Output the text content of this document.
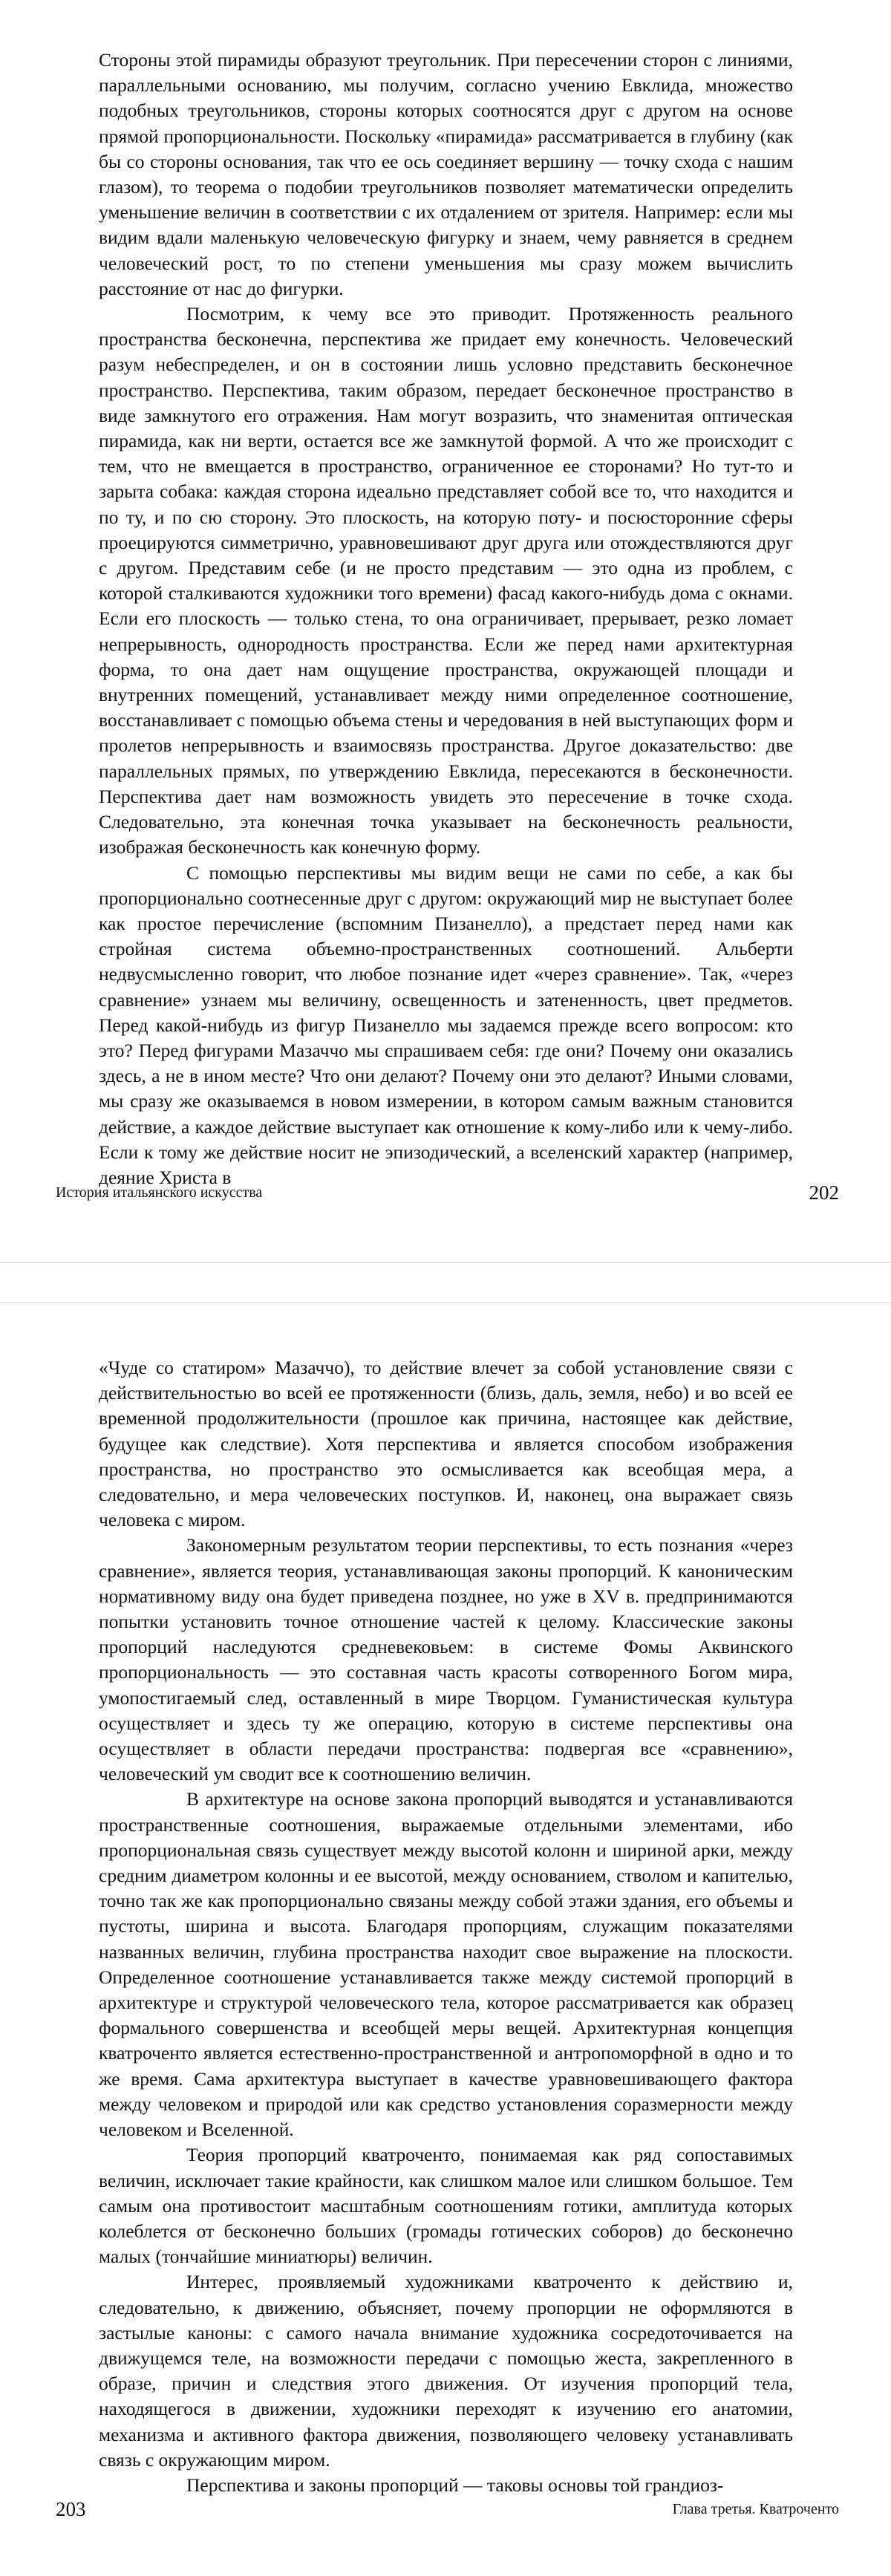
Стороны этой пирамиды образуют треугольник. При пересечении сторон с линиями, параллельными основанию, мы получим, согласно учению Евклида, множество подобных треугольников, стороны которых соотносятся друг с другом на основе прямой пропорциональности. Поскольку «пирамида» рассматривается в глубину (как бы со стороны основания, так что ее ось соединяет вершину — точку схода с нашим глазом), то теорема о подобии треугольников позволяет математически определить уменьшение величин в соответствии с их отдалением от зрителя. Например: если мы видим вдали маленькую человеческую фигурку и знаем, чему равняется в среднем человеческий рост, то по степени уменьшения мы сразу можем вычислить расстояние от нас до фигурки.

Посмотрим, к чему все это приводит. Протяженность реального пространства бесконечна, перспектива же придает ему конечность. Человеческий разум небеспределен, и он в состоянии лишь условно представить бесконечное пространство. Перспектива, таким образом, передает бесконечное пространство в виде замкнутого его отражения. Нам могут возразить, что знаменитая оптическая пирамида, как ни верти, остается все же замкнутой формой. А что же происходит с тем, что не вмещается в пространство, ограниченное ее сторонами? Но тут-то и зарыта собака: каждая сторона идеально представляет собой все то, что находится и по ту, и по сю сторону. Это плоскость, на которую поту- и посюсторонние сферы проецируются симметрично, уравновешивают друг друга или отождествляются друг с другом. Представим себе (и не просто представим — это одна из проблем, с которой сталкиваются художники того времени) фасад какого-нибудь дома с окнами. Если его плоскость — только стена, то она ограничивает, прерывает, резко ломает непрерывность, однородность пространства. Если же перед нами архитектурная форма, то она дает нам ощущение пространства, окружающей площади и внутренних помещений, устанавливает между ними определенное соотношение, восстанавливает с помощью объема стены и чередования в ней выступающих форм и пролетов непрерывность и взаимосвязь пространства. Другое доказательство: две параллельных прямых, по утверждению Евклида, пересекаются в бесконечности. Перспектива дает нам возможность увидеть это пересечение в точке схода. Следовательно, эта конечная точка указывает на бесконечность реальности, изображая бесконечность как конечную форму.

С помощью перспективы мы видим вещи не сами по себе, а как бы пропорционально соотнесенные друг с другом: окружающий мир не выступает более как простое перечисление (вспомним Пизанелло), а предстает перед нами как стройная система объемно-пространственных соотношений. Альберти недвусмысленно говорит, что любое познание идет «через сравнение». Так, «через сравнение» узнаем мы величину, освещенность и затененность, цвет предметов. Перед какой-нибудь из фигур Пизанелло мы задаемся прежде всего вопросом: кто это? Перед фигурами Мазаччо мы спрашиваем себя: где они? Почему они оказались здесь, а не в ином месте? Что они делают? Почему они это делают? Иными словами, мы сразу же оказываемся в новом измерении, в котором самым важным становится действие, а каждое действие выступает как отношение к кому-либо или к чему-либо. Если к тому же действие носит не эпизодический, а вселенский характер (например, деяние Христа в

История итальянского искусства	202

«Чуде со статиром» Мазаччо), то действие влечет за собой установление связи с действительностью во всей ее протяженности (близь, даль, земля, небо) и во всей ее временной продолжительности (прошлое как причина, настоящее как действие, будущее как следствие). Хотя перспектива и является способом изображения пространства, но пространство это осмысливается как всеобщая мера, а следовательно, и мера человеческих поступков. И, наконец, она выражает связь человека с миром.

Закономерным результатом теории перспективы, то есть познания «через сравнение», является теория, устанавливающая законы пропорций. К каноническим нормативному виду она будет приведена позднее, но уже в XV в. предпринимаются попытки установить точное отношение частей к целому. Классические законы пропорций наследуются средневековьем: в системе Фомы Аквинского пропорциональность — это составная часть красоты сотворенного Богом мира, умопостигаемый след, оставленный в мире Творцом. Гуманистическая культура осуществляет и здесь ту же операцию, которую в системе перспективы она осуществляет в области передачи пространства: подвергая все «сравнению», человеческий ум сводит все к соотношению величин.

В архитектуре на основе закона пропорций выводятся и устанавливаются пространственные соотношения, выражаемые отдельными элементами, ибо пропорциональная связь существует между высотой колонн и шириной арки, между средним диаметром колонны и ее высотой, между основанием, стволом и капителью, точно так же как пропорционально связаны между собой этажи здания, его объемы и пустоты, ширина и высота. Благодаря пропорциям, служащим показателями названных величин, глубина пространства находит свое выражение на плоскости. Определенное соотношение устанавливается также между системой пропорций в архитектуре и структурой человеческого тела, которое рассматривается как образец формального совершенства и всеобщей меры вещей. Архитектурная концепция кватроченто является естественно-пространственной и антропоморфной в одно и то же время. Сама архитектура выступает в качестве уравновешивающего фактора между человеком и природой или как средство установления соразмерности между человеком и Вселенной.

Теория пропорций кватроченто, понимаемая как ряд сопоставимых величин, исключает такие крайности, как слишком малое или слишком большое. Тем самым она противостоит масштабным соотношениям готики, амплитуда которых колеблется от бесконечно больших (громады готических соборов) до бесконечно малых (тончайшие миниатюры) величин.

Интерес, проявляемый художниками кватроченто к действию и, следовательно, к движению, объясняет, почему пропорции не оформляются в застылые каноны: с самого начала внимание художника сосредоточивается на движущемся теле, на возможности передачи с помощью жеста, закрепленного в образе, причин и следствия этого движения. От изучения пропорций тела, находящегося в движении, художники переходят к изучению его анатомии, механизма и активного фактора движения, позволяющего человеку устанавливать связь с окружающим миром.

Перспектива и законы пропорций — таковы основы той грандиоз-

203	Глава третья. Кватроченто
